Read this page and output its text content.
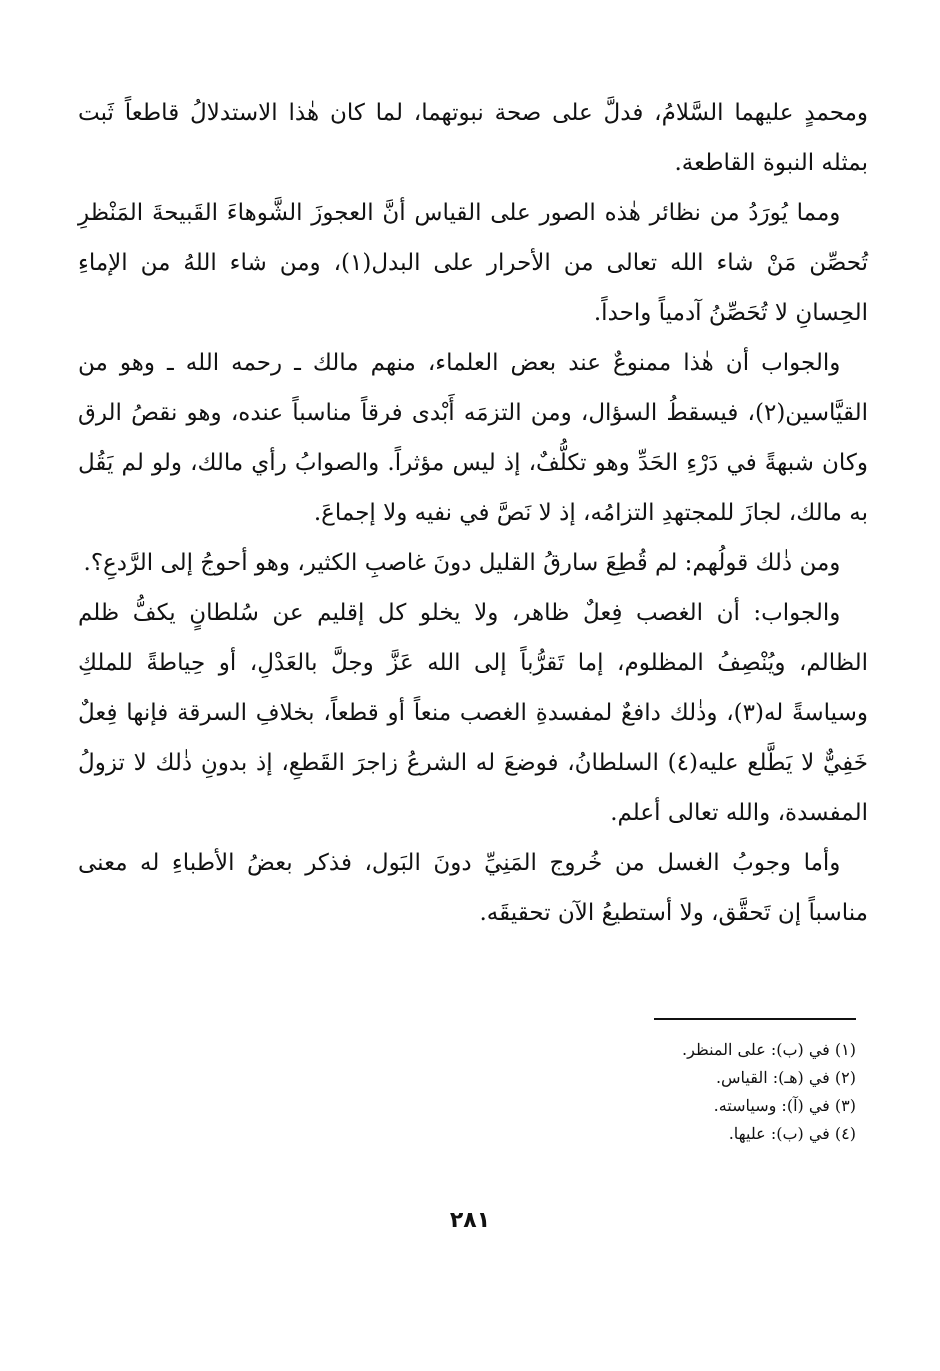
ومحمدٍ عليهما السَّلامُ، فدلَّ على صحة نبوتهما، لما كان هٰذا الاستدلالُ قاطعاً ثَبت بمثله النبوة القاطعة.

ومما يُورَدُ من نظائر هٰذه الصور على القياس أنَّ العجوزَ الشَّوهاءَ القَبيحةَ المَنْظرِ تُحصِّن مَنْ شاء الله تعالى من الأحرار على البدل(١)، ومن شاء اللهُ من الإماءِ الحِسانِ لا تُحَصِّنُ آدمياً واحداً.

والجواب أن هٰذا ممنوعٌ عند بعض العلماء، منهم مالك ـ رحمه الله ـ وهو من القيَّاسين(٢)، فيسقطُ السؤال، ومن التزمَه أَبْدى فرقاً مناسباً عنده، وهو نقصُ الرق وكان شبهةً في دَرْءِ الحَدِّ وهو تكلُّفٌ، إذ ليس مؤثراً. والصوابُ رأي مالك، ولو لم يَقُل به مالك، لجازَ للمجتهدِ التزامُه، إذ لا نَصَّ في نفيه ولا إجماعَ.

ومن ذٰلك قولُهم: لم قُطِعَ سارقُ القليل دونَ غاصبِ الكثير، وهو أحوجُ إلى الرَّدعِ؟.

والجواب: أن الغصب فِعلٌ ظاهر، ولا يخلو كل إقليم عن سُلطانٍ يكفُّ ظلم الظالم، ويُنْصِفُ المظلوم، إما تَقرُّباً إلى الله عَزَّ وجلَّ بالعَدْلِ، أو حِياطةً للملكِ وسياسةً له(٣)، وذٰلك دافعٌ لمفسدةِ الغصب منعاً أو قطعاً، بخلافِ السرقة فإنها فِعلٌ خَفِيٌّ لا يَطَّلع عليه(٤) السلطانُ، فوضعَ له الشرعُ زاجرَ القَطعِ، إذ بدونِ ذٰلك لا تزولُ المفسدة، والله تعالى أعلم.

وأما وجوبُ الغسل من خُروج المَنِيِّ دونَ البَول، فذكر بعضُ الأطباءِ له معنى مناسباً إن تَحقَّق، ولا أستطيعُ الآن تحقيقَه.

(١) في (ب): على المنظر.

(٢) في (هـ): القياس.

(٣) في (آ): وسياسته.

(٤) في (ب): عليها.

٢٨١
